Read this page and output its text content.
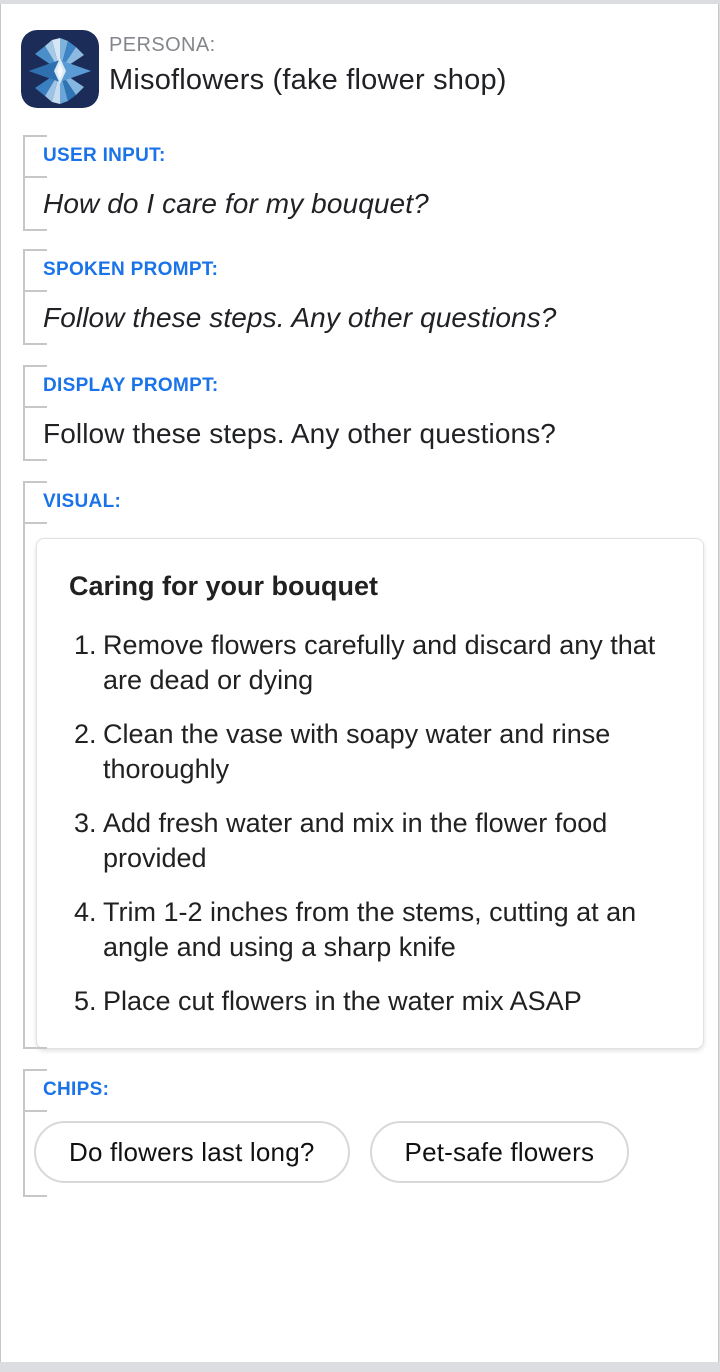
PERSONA:
Misoflowers (fake flower shop)
USER INPUT:
How do I care for my bouquet?
SPOKEN PROMPT:
Follow these steps. Any other questions?
DISPLAY PROMPT:
Follow these steps. Any other questions?
VISUAL:
Caring for your bouquet
Remove flowers carefully and discard any that are dead or dying
Clean the vase with soapy water and rinse thoroughly
Add fresh water and mix in the flower food provided
Trim 1-2 inches from the stems, cutting at an angle and using a sharp knife
Place cut flowers in the water mix ASAP
CHIPS:
Do flowers last long?	Pet-safe flowers
